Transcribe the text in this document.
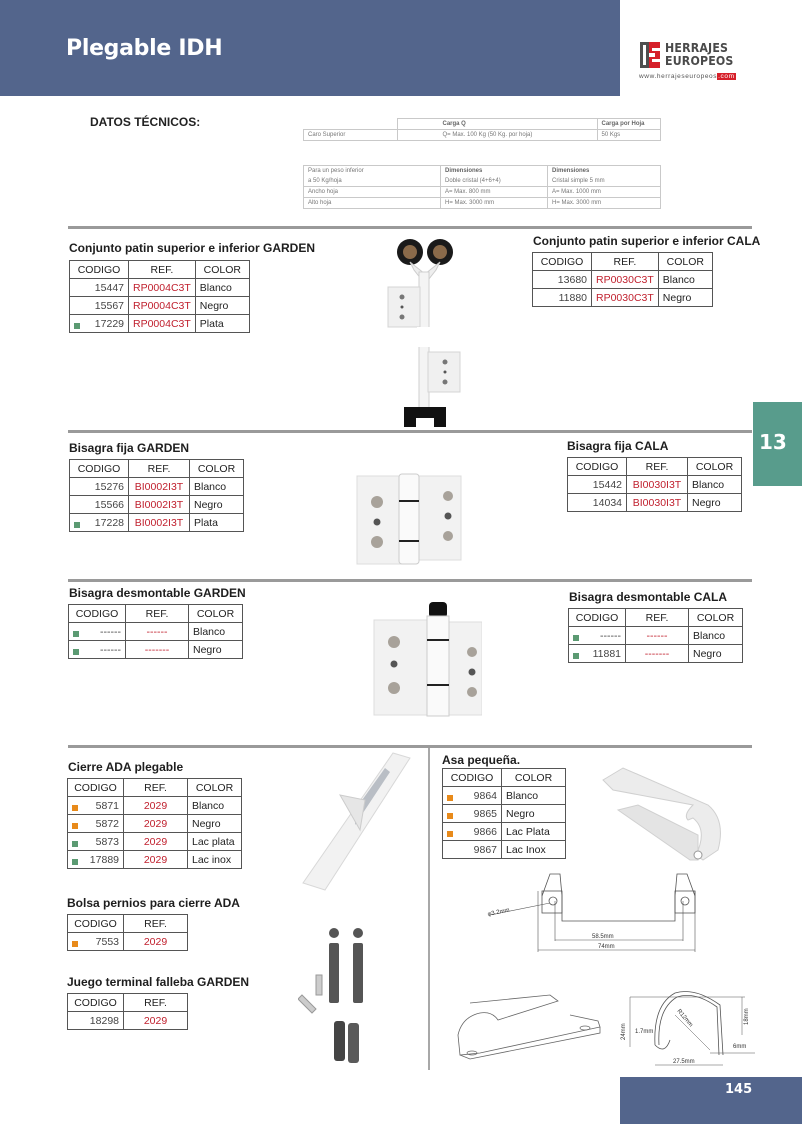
Plegable IDH	HERRAJES
EUROPEOS
www.herrajeseuropeos.com
DATOS TÉCNICOS:
		Carga Q	Carga por Hoja
Caro Superior	Q= Max. 100 Kg (50 Kg. por hoja)	50 Kgs
Para un peso inferior	Dimensiones	Dimensiones
a 50 Kg/hoja	Doble cristal (4+6+4)	Cristal simple 5 mm
Ancho hoja	A= Max. 800 mm	A= Max. 1000 mm
Alto hoja	H= Max. 3000 mm	H= Max. 3000 mm
13
Conjunto patin superior e inferior GARDEN
CODIGO	REF.	COLOR
15447	RP0004C3T	Blanco
15567	RP0004C3T	Negro

17229	RP0004C3T	Plata
Conjunto patin superior e inferior CALA
CODIGO	REF.	COLOR
13680	RP0030C3T	Blanco
11880	RP0030C3T	Negro
Bisagra fija GARDEN
CODIGO	REF.	COLOR
15276	BI0002I3T	Blanco
15566	BI0002I3T	Negro

17228	BI0002I3T	Plata
Bisagra fija CALA
CODIGO	REF.	COLOR
15442	BI0030I3T	Blanco
14034	BI0030I3T	Negro
Bisagra desmontable GARDEN
CODIGO	REF.	COLOR

------	------	Blanco

------	-------	Negro
Bisagra desmontable CALA
CODIGO	REF.	COLOR

------	------	Blanco

11881	-------	Negro
Cierre ADA plegable
CODIGO	REF.	COLOR

5871	2029	Blanco

5872	2029	Negro

5873	2029	Lac plata

17889	2029	Lac inox
Bolsa pernios para cierre ADA
CODIGO	REF.

7553	2029
Juego terminal falleba GARDEN
CODIGO	REF.
18298	2029
Asa pequeña.
CODIGO	COLOR

9864	Blanco

9865	Negro

9866	Lac Plata
9867	Lac Inox
φ3.2mm
58.5mm
74mm
R12mm
1.7mm
24mm
18mm
6mm
27.5mm
145
